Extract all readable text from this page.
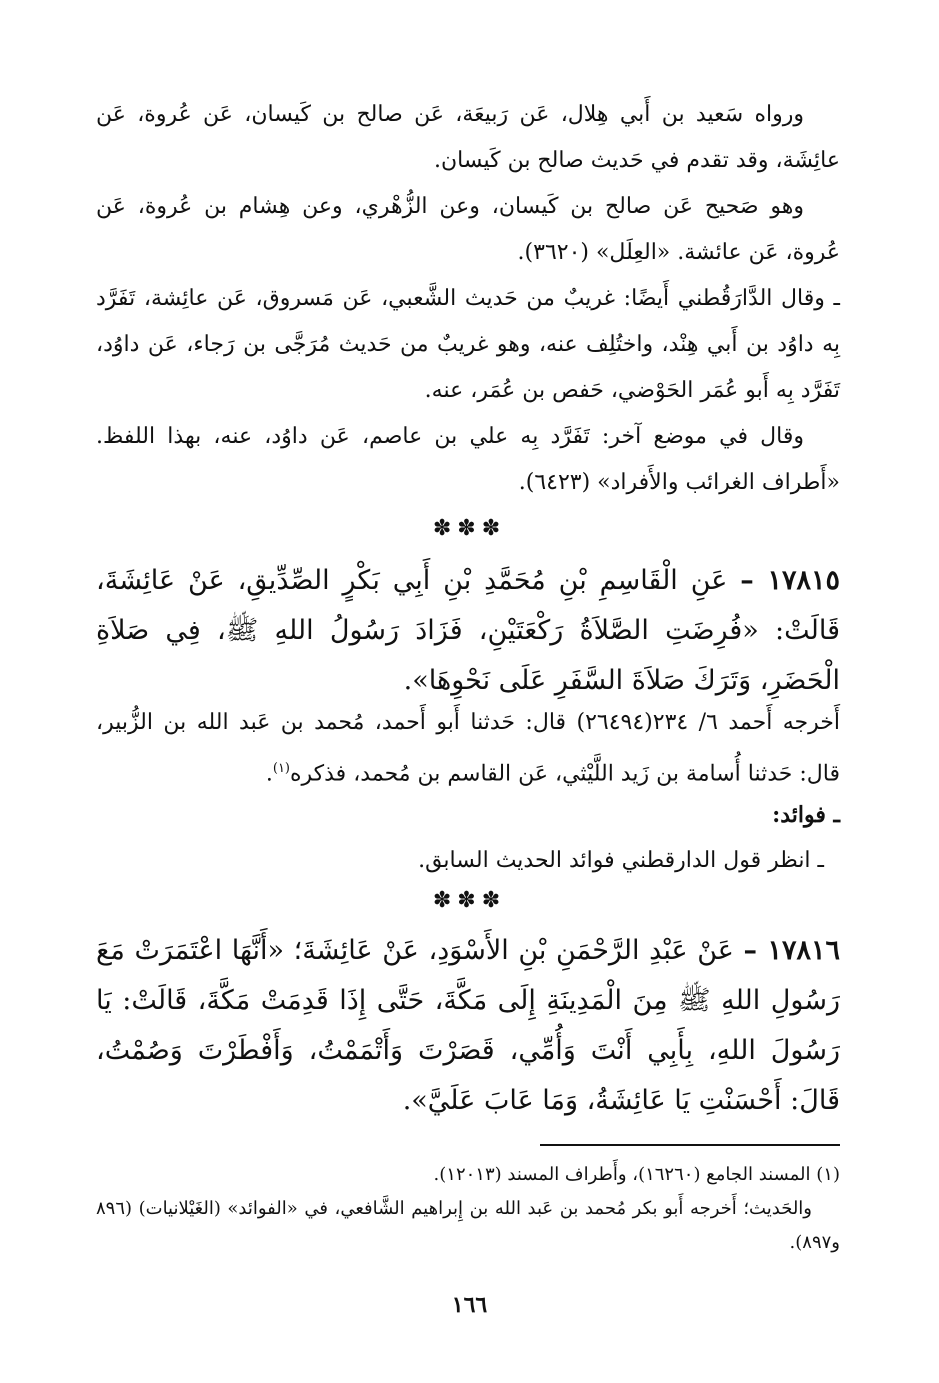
ورواه سَعيد بن أَبي هِلال، عَن رَبيعَة، عَن صالح بن كَيسان، عَن عُروة، عَن عائِشَة، وقد تقدم في حَديث صالح بن كَيسان.

وهو صَحيح عَن صالح بن كَيسان، وعن الزُّهْري، وعن هِشام بن عُروة، عَن عُروة، عَن عائشة. «العِلَل» (٣٦٢٠).

ـ وقال الدَّارَقُطني أَيضًا: غريبٌ من حَديث الشَّعبي، عَن مَسروق، عَن عائِشة، تَفَرَّد بِه داوُد بن أَبي هِنْد، واختُلِف عنه، وهو غريبٌ من حَديث مُرَجَّى بن رَجاء، عَن داوُد، تَفَرَّد بِه أَبو عُمَر الحَوْضي، حَفص بن عُمَر، عنه.

وقال في موضع آخر: تَفَرَّد بِه علي بن عاصم، عَن داوُد، عنه، بهذا اللفظ. «أَطراف الغرائب والأَفراد» (٦٤٢٣).

✽✽✽

١٧٨١٥ – عَنِ الْقَاسِمِ بْنِ مُحَمَّدِ بْنِ أَبِي بَكْرٍ الصِّدِّيقِ، عَنْ عَائِشَةَ، قَالَتْ: «فُرِضَتِ الصَّلاَةُ رَكْعَتَيْنِ، فَزَادَ رَسُولُ اللهِ ﷺ، فِي صَلاَةِ الْحَضَرِ، وَتَرَكَ صَلاَةَ السَّفَرِ عَلَى نَحْوِهَا».

أَخرجه أَحمد ٦/ ٢٣٤(٢٦٤٩٤) قال: حَدثنا أَبو أَحمد، مُحمد بن عَبد الله بن الزُّبير، قال: حَدثنا أُسامة بن زَيد اللَّيْثي، عَن القاسم بن مُحمد، فذكره$^{(١)}$.

ـ فوائد:

ـ انظر قول الدارقطني فوائد الحديث السابق.

✽✽✽

١٧٨١٦ – عَنْ عَبْدِ الرَّحْمَنِ بْنِ الأَسْوَدِ، عَنْ عَائِشَةَ؛ «أَنَّهَا اعْتَمَرَتْ مَعَ رَسُولِ اللهِ ﷺ مِنَ الْمَدِينَةِ إِلَى مَكَّةَ، حَتَّى إِذَا قَدِمَتْ مَكَّةَ، قَالَتْ: يَا رَسُولَ اللهِ، بِأَبِي أَنْتَ وَأُمِّي، قَصَرْتَ وَأَتْمَمْتُ، وَأَفْطَرْتَ وَصُمْتُ، قَالَ: أَحْسَنْتِ يَا عَائِشَةُ، وَمَا عَابَ عَلَيَّ».

(١) المسند الجامع (١٦٢٦٠)، وأَطراف المسند (١٢٠١٣).

والحَديث؛ أَخرجه أَبو بكر مُحمد بن عَبد الله بن إِبراهيم الشَّافعي، في «الفوائد» (الغَيْلانيات) (٨٩٦ و٨٩٧).

١٦٦
